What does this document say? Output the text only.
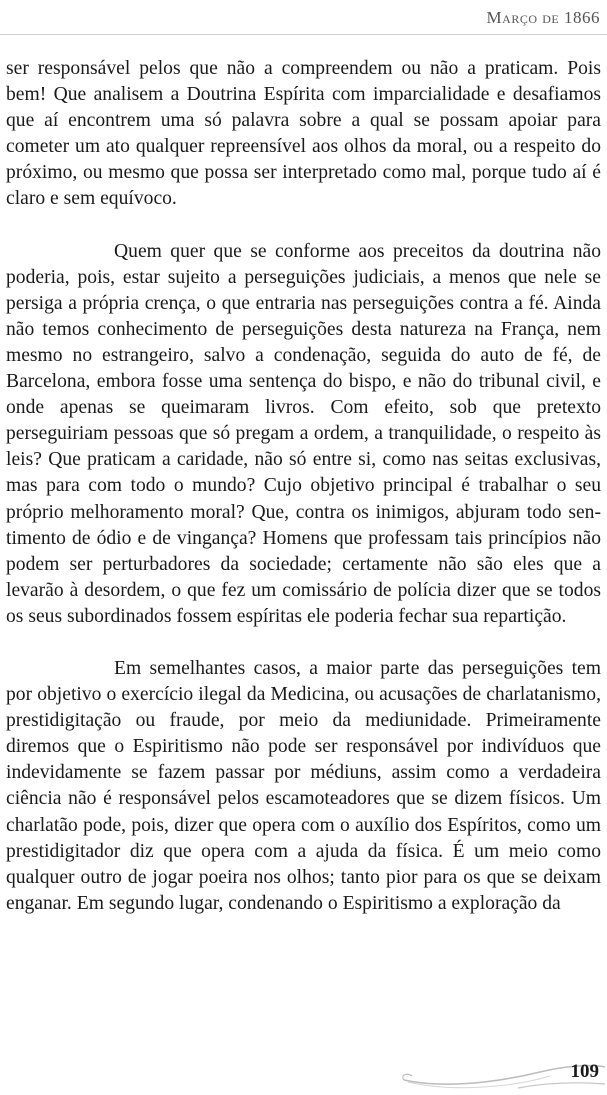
Março de 1866

ser responsável pelos que não a compreendem ou não a praticam. Pois bem! Que analisem a Doutrina Espírita com imparcialidade e desafiamos que aí encontrem uma só palavra sobre a qual se possam apoiar para cometer um ato qualquer repreensível aos olhos da moral, ou a respeito do próximo, ou mesmo que possa ser interpretado como mal, porque tudo aí é claro e sem equívoco.

Quem quer que se conforme aos preceitos da doutrina não poderia, pois, estar sujeito a perseguições judiciais, a menos que nele se persiga a própria crença, o que entraria nas perseguições contra a fé. Ainda não temos conhecimento de perseguições desta natureza na França, nem mesmo no estrangeiro, salvo a condenação, seguida do auto de fé, de Barcelona, embora fosse uma sentença do bispo, e não do tribunal civil, e onde apenas se queimaram livros. Com efeito, sob que pretexto perseguiriam pessoas que só pregam a ordem, a tranquilidade, o respeito às leis? Que praticam a caridade, não só entre si, como nas seitas exclusivas, mas para com todo o mundo? Cujo objetivo principal é trabalhar o seu próprio melhoramento moral? Que, contra os inimigos, abjuram todo sentimento de ódio e de vingança? Homens que professam tais princípios não podem ser perturbadores da sociedade; certamente não são eles que a levarão à desordem, o que fez um comissário de polícia dizer que se todos os seus subordinados fossem espíritas ele poderia fechar sua repartição.

Em semelhantes casos, a maior parte das perseguições tem por objetivo o exercício ilegal da Medicina, ou acusações de charlatanismo, prestidigitação ou fraude, por meio da mediunidade. Primeiramente diremos que o Espiritismo não pode ser responsável por indivíduos que indevidamente se fazem passar por médiuns, assim como a verdadeira ciência não é responsável pelos escamoteadores que se dizem físicos. Um charlatão pode, pois, dizer que opera com o auxílio dos Espíritos, como um prestidigitador diz que opera com a ajuda da física. É um meio como qualquer outro de jogar poeira nos olhos; tanto pior para os que se deixam enganar. Em segundo lugar, condenando o Espiritismo a exploração da

109
